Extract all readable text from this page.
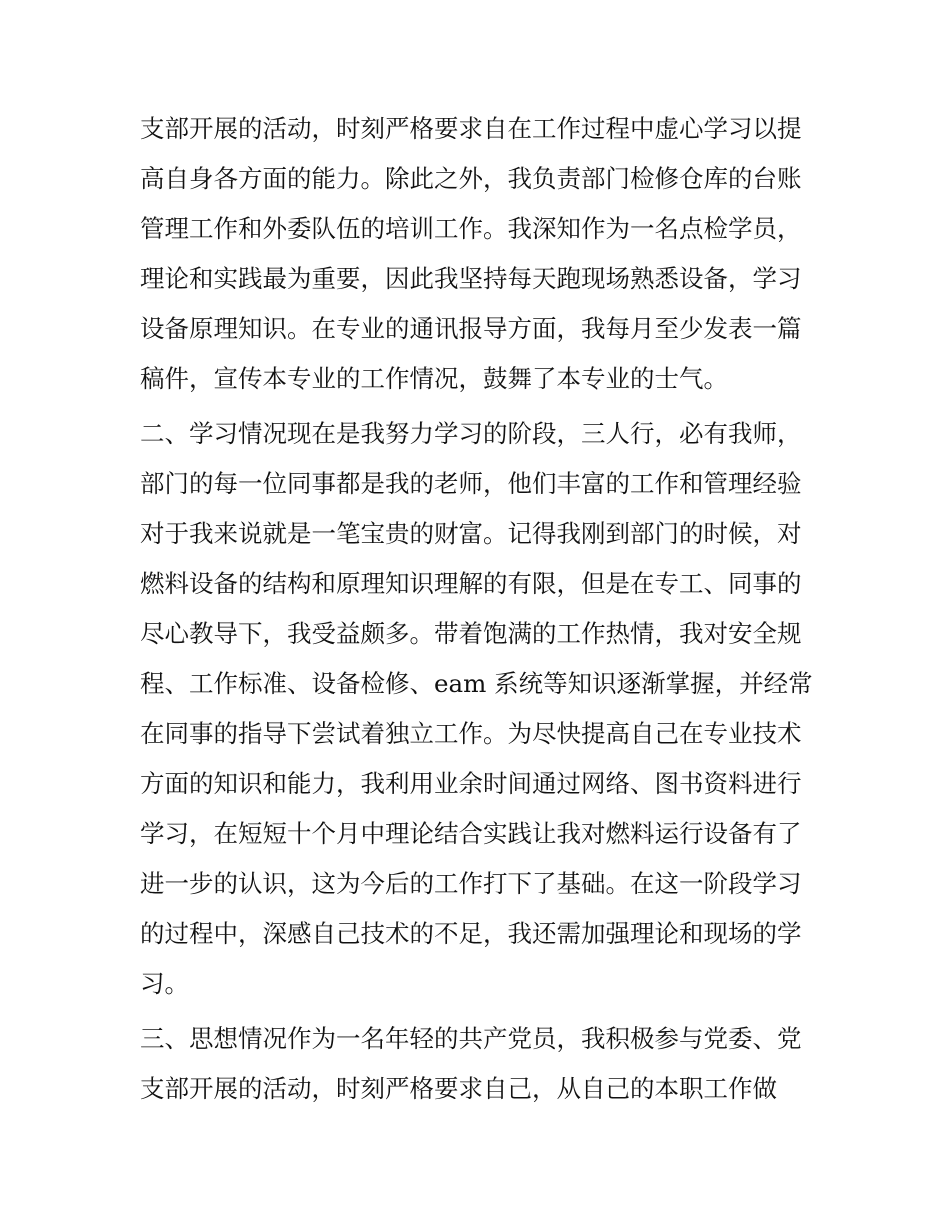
支部开展的活动，时刻严格要求自在工作过程中虚心学习以提
高自身各方面的能力。除此之外，我负责部门检修仓库的台账
管理工作和外委队伍的培训工作。我深知作为一名点检学员，
理论和实践最为重要，因此我坚持每天跑现场熟悉设备，学习
设备原理知识。在专业的通讯报导方面，我每月至少发表一篇
稿件，宣传本专业的工作情况，鼓舞了本专业的士气。
二、学习情况现在是我努力学习的阶段，三人行，必有我师，
部门的每一位同事都是我的老师，他们丰富的工作和管理经验
对于我来说就是一笔宝贵的财富。记得我刚到部门的时候，对
燃料设备的结构和原理知识理解的有限，但是在专工、同事的
尽心教导下，我受益颇多。带着饱满的工作热情，我对安全规
程、工作标准、设备检修、eam 系统等知识逐渐掌握，并经常
在同事的指导下尝试着独立工作。为尽快提高自己在专业技术
方面的知识和能力，我利用业余时间通过网络、图书资料进行
学习，在短短十个月中理论结合实践让我对燃料运行设备有了
进一步的认识，这为今后的工作打下了基础。在这一阶段学习
的过程中，深感自己技术的不足，我还需加强理论和现场的学
习。
三、思想情况作为一名年轻的共产党员，我积极参与党委、党
支部开展的活动，时刻严格要求自己，从自己的本职工作做
